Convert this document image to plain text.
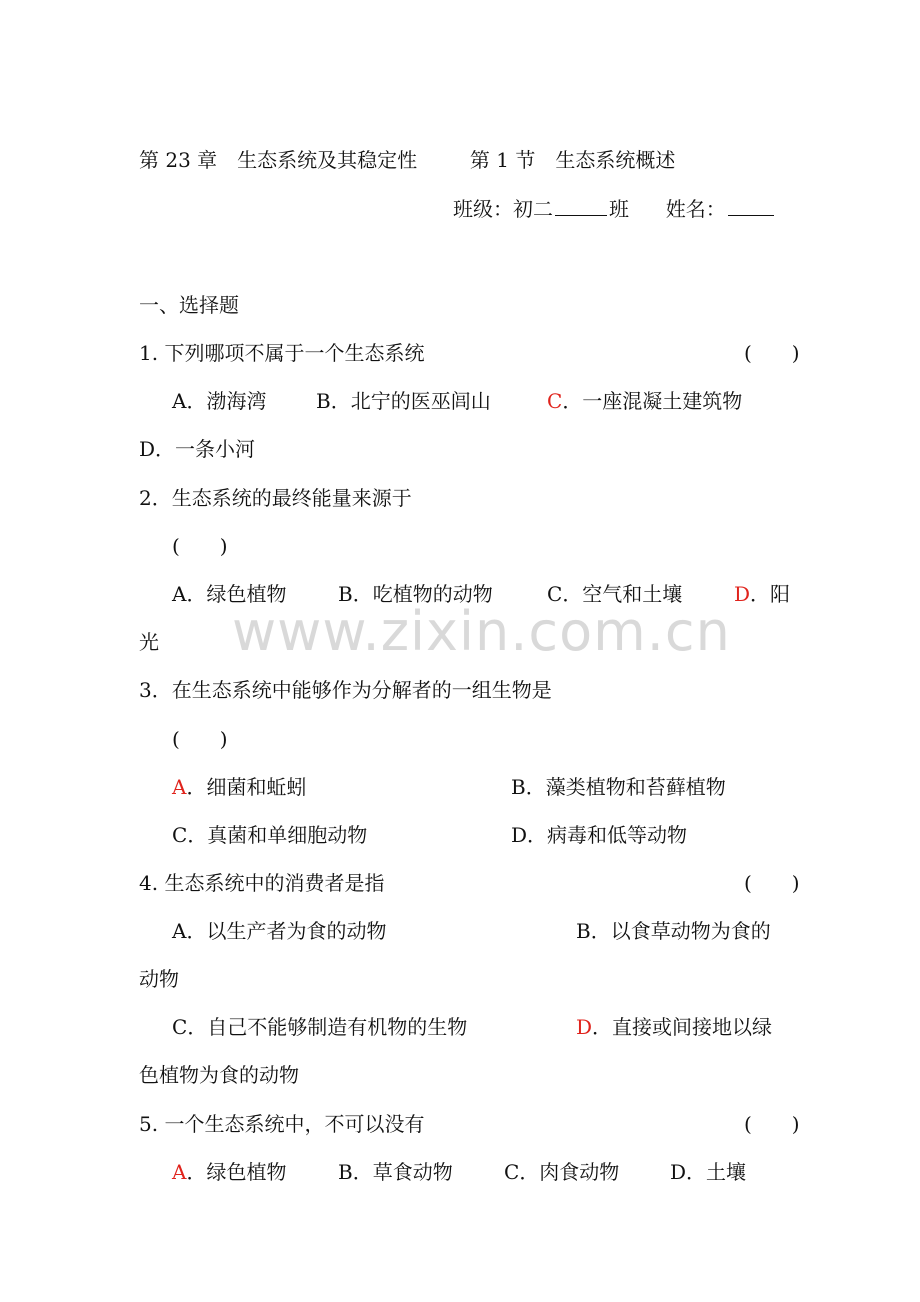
第 23 章　生态系统及其稳定性	第 1 节　生态系统概述
班级：初二	班 姓名：
一、选择题
1. 下列哪项不属于一个生态系统	(　　)
A．渤海湾 B．北宁的医巫闾山	C．一座混凝土建筑物
D．一条小河
2．生态系统的最终能量来源于
(　　)
A．绿色植物	B．吃植物的动物	C．空气和土壤	D．阳
光 www.zixin.com.cn
3．在生态系统中能够作为分解者的一组生物是
(　　)
A．细菌和蚯蚓	B．藻类植物和苔藓植物
C．真菌和单细胞动物	D．病毒和低等动物
4. 生态系统中的消费者是指	(　　)
A．以生产者为食的动物	B．以食草动物为食的
动物
C．自己不能够制造有机物的生物	D．直接或间接地以绿
色植物为食的动物
5. 一个生态系统中，不可以没有	(　　)
A．绿色植物	B．草食动物	C．肉食动物	D．土壤
